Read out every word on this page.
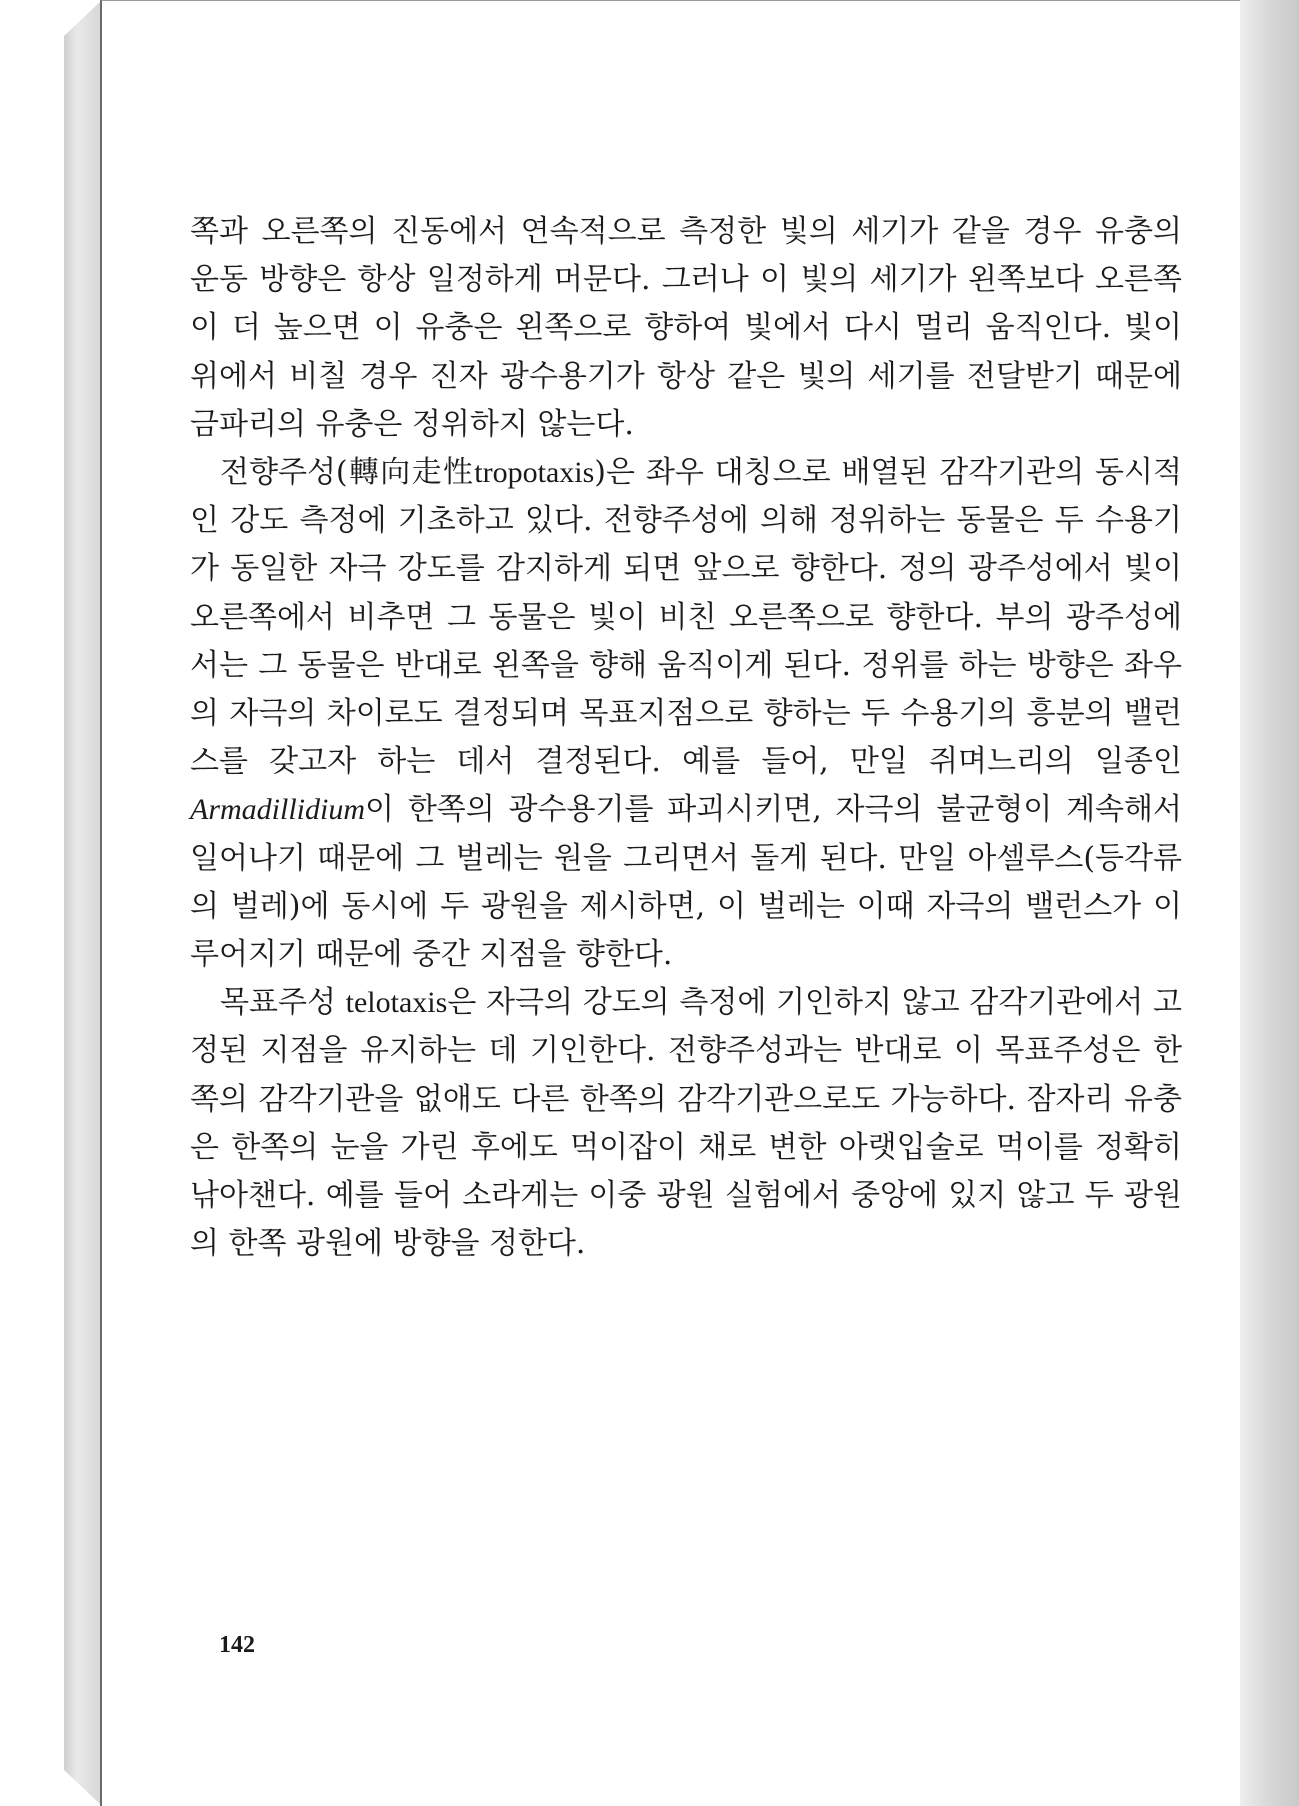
쪽과 오른쪽의 진동에서 연속적으로 측정한 빛의 세기가 같을 경우 유충의 운동 방향은 항상 일정하게 머문다. 그러나 이 빛의 세기가 왼쪽보다 오른쪽이 더 높으면 이 유충은 왼쪽으로 향하여 빛에서 다시 멀리 움직인다. 빛이 위에서 비칠 경우 진자 광수용기가 항상 같은 빛의 세기를 전달받기 때문에 금파리의 유충은 정위하지 않는다.

전향주성(轉向走性tropotaxis)은 좌우 대칭으로 배열된 감각기관의 동시적인 강도 측정에 기초하고 있다. 전향주성에 의해 정위하는 동물은 두 수용기가 동일한 자극 강도를 감지하게 되면 앞으로 향한다. 정의 광주성에서 빛이 오른쪽에서 비추면 그 동물은 빛이 비친 오른쪽으로 향한다. 부의 광주성에서는 그 동물은 반대로 왼쪽을 향해 움직이게 된다. 정위를 하는 방향은 좌우의 자극의 차이로도 결정되며 목표지점으로 향하는 두 수용기의 흥분의 밸런스를 갖고자 하는 데서 결정된다. 예를 들어, 만일 쥐며느리의 일종인 Armadillidium이 한쪽의 광수용기를 파괴시키면, 자극의 불균형이 계속해서 일어나기 때문에 그 벌레는 원을 그리면서 돌게 된다. 만일 아셀루스(등각류의 벌레)에 동시에 두 광원을 제시하면, 이 벌레는 이때 자극의 밸런스가 이루어지기 때문에 중간 지점을 향한다.

목표주성 telotaxis은 자극의 강도의 측정에 기인하지 않고 감각기관에서 고정된 지점을 유지하는 데 기인한다. 전향주성과는 반대로 이 목표주성은 한쪽의 감각기관을 없애도 다른 한쪽의 감각기관으로도 가능하다. 잠자리 유충은 한쪽의 눈을 가린 후에도 먹이잡이 채로 변한 아랫입술로 먹이를 정확히 낚아챈다. 예를 들어 소라게는 이중 광원 실험에서 중앙에 있지 않고 두 광원의 한쪽 광원에 방향을 정한다.

142
